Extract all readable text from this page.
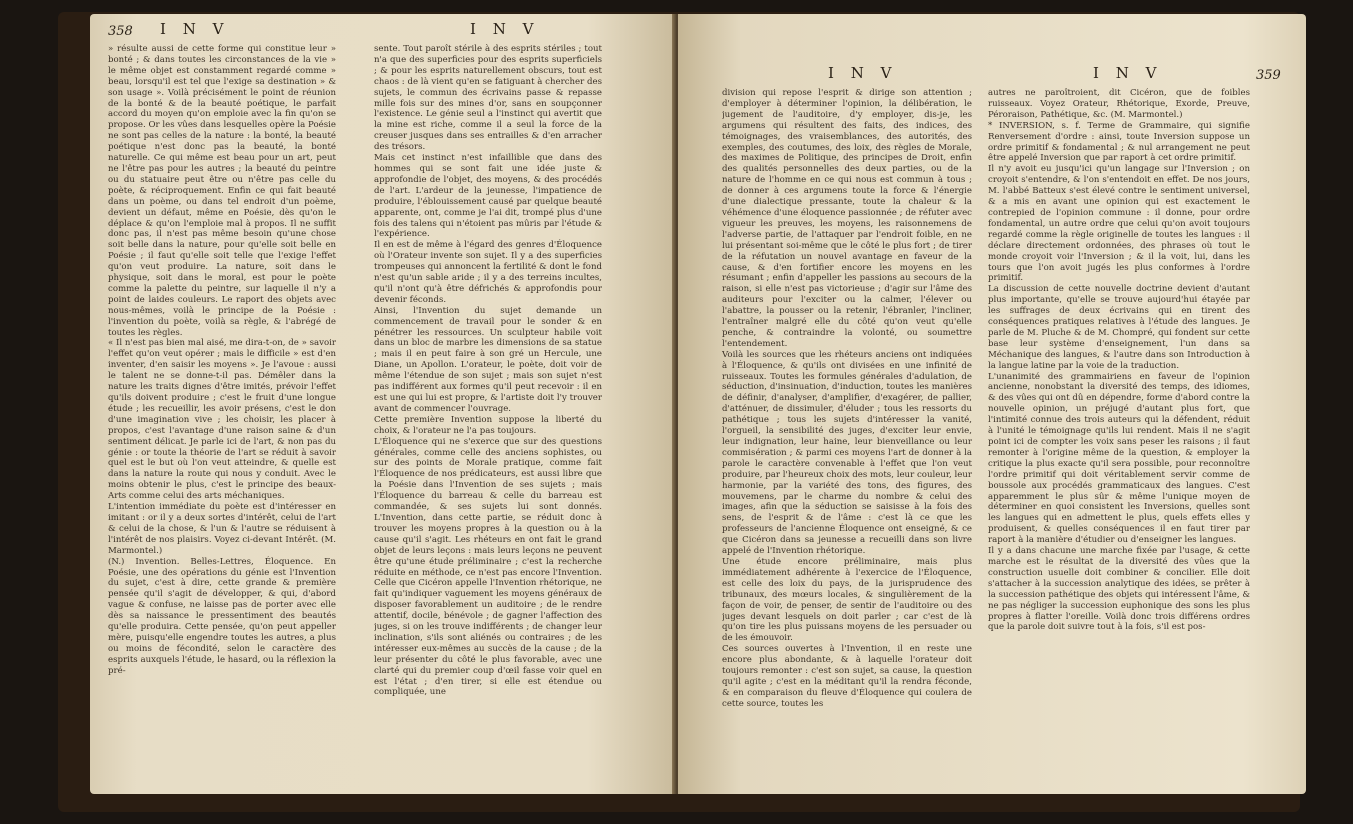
358 I N V	I N V
» résulte aussi de cette forme qui constitue leur » bonté ; & dans toutes les circonstances de la vie » le même objet est constamment regardé comme » beau, lorsqu'il est tel que l'exige sa destination » & son usage ». Voilà précisément le point de réunion de la bonté & de la beauté poétique, le parfait accord du moyen qu'on emploie avec la fin qu'on se propose. Or les vûes dans lesquelles opère la Poésie ne sont pas celles de la nature : la bonté, la beauté poétique n'est donc pas la beauté, la bonté naturelle. Ce qui même est beau pour un art, peut ne l'être pas pour les autres ; la beauté du peintre ou du statuaire peut être ou n'être pas celle du poète, & réciproquement. Enfin ce qui fait beauté dans un poème, ou dans tel endroit d'un poème, devient un défaut, même en Poésie, dès qu'on le déplace & qu'on l'emploie mal à propos. Il ne suffit donc pas, il n'est pas même besoin qu'une chose soit belle dans la nature, pour qu'elle soit belle en Poésie ; il faut qu'elle soit telle que l'exige l'effet qu'on veut produire. La nature, soit dans le physique, soit dans le moral, est pour le poète comme la palette du peintre, sur laquelle il n'y a point de laides couleurs. Le raport des objets avec nous-mêmes, voilà le principe de la Poésie : l'invention du poète, voilà sa règle, & l'abrégé de toutes les règles.
« Il n'est pas bien mal aisé, me dira-t-on, de » savoir l'effet qu'on veut opérer ; mais le difficile » est d'en inventer, d'en saisir les moyens ». Je l'avoue : aussi le talent ne se donne-t-il pas. Démêler dans la nature les traits dignes d'être imités, prévoir l'effet qu'ils doivent produire ; c'est le fruit d'une longue étude ; les recueillir, les avoir présens, c'est le don d'une imagination vive ; les choisir, les placer à propos, c'est l'avantage d'une raison saine & d'un sentiment délicat. Je parle ici de l'art, & non pas du génie : or toute la théorie de l'art se réduit à savoir quel est le but où l'on veut atteindre, & quelle est dans la nature la route qui nous y conduit. Avec le moins obtenir le plus, c'est le principe des beaux-Arts comme celui des arts méchaniques.
L'intention immédiate du poète est d'intéresser en imitant : or il y a deux sortes d'intérêt, celui de l'art & celui de la chose, & l'un & l'autre se réduisent à l'intérêt de nos plaisirs. Voyez ci-devant Intérêt. (M. Marmontel.)
(N.) Invention. Belles-Lettres, Éloquence. En Poésie, une des opérations du génie est l'Invention du sujet, c'est à dire, cette grande & première pensée qu'il s'agit de développer, & qui, d'abord vague & confuse, ne laisse pas de porter avec elle dès sa naissance le pressentiment des beautés qu'elle produira. Cette pensée, qu'on peut appeller mère, puisqu'elle engendre toutes les autres, a plus ou moins de fécondité, selon le caractère des esprits auxquels l'étude, le hasard, ou la réflexion la pré-
sente. Tout paroît stérile à des esprits stériles ; tout n'a que des superficies pour des esprits superficiels ; & pour les esprits naturellement obscurs, tout est chaos : de là vient qu'en se fatiguant à chercher des sujets, le commun des écrivains passe & repasse mille fois sur des mines d'or, sans en soupçonner l'existence. Le génie seul a l'instinct qui avertit que la mine est riche, comme il a seul la force de la creuser jusques dans ses entrailles & d'en arracher des trésors.
Mais cet instinct n'est infaillible que dans des hommes qui se sont fait une idée juste & approfondie de l'objet, des moyens, & des procédés de l'art. L'ardeur de la jeunesse, l'impatience de produire, l'éblouissement causé par quelque beauté apparente, ont, comme je l'ai dit, trompé plus d'une fois des talens qui n'étoient pas mûris par l'étude & l'expérience.
Il en est de même à l'égard des genres d'Éloquence où l'Orateur invente son sujet. Il y a des superficies trompeuses qui annoncent la fertilité & dont le fond n'est qu'un sable aride ; il y a des terreins incultes, qu'il n'ont qu'à être défrichés & approfondis pour devenir féconds.
Ainsi, l'Invention du sujet demande un commencement de travail pour le sonder & en pénétrer les ressources. Un sculpteur habile voit dans un bloc de marbre les dimensions de sa statue ; mais il en peut faire à son gré un Hercule, une Diane, un Apollon. L'orateur, le poète, doit voir de même l'étendue de son sujet ; mais son sujet n'est pas indifférent aux formes qu'il peut recevoir : il en est une qui lui est propre, & l'artiste doit l'y trouver avant de commencer l'ouvrage.
Cette première Invention suppose la liberté du choix, & l'orateur ne l'a pas toujours.
L'Éloquence qui ne s'exerce que sur des questions générales, comme celle des anciens sophistes, ou sur des points de Morale pratique, comme fait l'Éloquence de nos prédicateurs, est aussi libre que la Poésie dans l'Invention de ses sujets ; mais l'Éloquence du barreau & celle du barreau est commandée, & ses sujets lui sont donnés. L'Invention, dans cette partie, se réduit donc à trouver les moyens propres à la question ou à la cause qu'il s'agit. Les rhéteurs en ont fait le grand objet de leurs leçons : mais leurs leçons ne peuvent être qu'une étude préliminaire ; c'est la recherche réduite en méthode, ce n'est pas encore l'Invention. Celle que Cicéron appelle l'Invention rhétorique, ne fait qu'indiquer vaguement les moyens généraux de disposer favorablement un auditoire ; de le rendre attentif, docile, bénévole ; de gagner l'affection des juges, si on les trouve indifférents ; de changer leur inclination, s'ils sont aliénés ou contraires ; de les intéresser eux-mêmes au succès de la cause ; de la leur présenter du côté le plus favorable, avec une clarté qui du premier coup d'œil fasse voir quel en est l'état ; d'en tirer, si elle est étendue ou compliquée, une
I N V	I N V	359
division qui repose l'esprit & dirige son attention ; d'employer à déterminer l'opinion, la délibération, le jugement de l'auditoire, d'y employer, dis-je, les argumens qui résultent des faits, des indices, des témoignages, des vraisemblances, des autorités, des exemples, des coutumes, des loix, des règles de Morale, des maximes de Politique, des principes de Droit, enfin des qualités personnelles des deux parties, ou de la nature de l'homme en ce qui nous est commun à tous ; de donner à ces argumens toute la force & l'énergie d'une dialectique pressante, toute la chaleur & la véhémence d'une éloquence passionnée ; de réfuter avec vigueur les preuves, les moyens, les raisonnemens de l'adverse partie, de l'attaquer par l'endroit foible, en ne lui présentant soi-même que le côté le plus fort ; de tirer de la réfutation un nouvel avantage en faveur de la cause, & d'en fortifier encore les moyens en les résumant ; enfin d'appeller les passions au secours de la raison, si elle n'est pas victorieuse ; d'agir sur l'âme des auditeurs pour l'exciter ou la calmer, l'élever ou l'abattre, la pousser ou la retenir, l'ébranler, l'incliner, l'entraîner malgré elle du côté qu'on veut qu'elle penche, & contraindre la volonté, ou soumettre l'entendement.
Voilà les sources que les rhéteurs anciens ont indiquées à l'Éloquence, & qu'ils ont divisées en une infinité de ruisseaux. Toutes les formules générales d'adulation, de séduction, d'insinuation, d'induction, toutes les manières de définir, d'analyser, d'amplifier, d'exagérer, de pallier, d'atténuer, de dissimuler, d'éluder ; tous les ressorts du pathétique ; tous les sujets d'intéresser la vanité, l'orgueil, la sensibilité des juges, d'exciter leur envie, leur indignation, leur haine, leur bienveillance ou leur commisération ; & parmi ces moyens l'art de donner à la parole le caractère convenable à l'effet que l'on veut produire, par l'heureux choix des mots, leur couleur, leur harmonie, par la variété des tons, des figures, des mouvemens, par le charme du nombre & celui des images, afin que la séduction se saisisse à la fois des sens, de l'esprit & de l'âme : c'est là ce que les professeurs de l'ancienne Éloquence ont enseigné, & ce que Cicéron dans sa jeunesse a recueilli dans son livre appelé de l'Invention rhétorique.
Une étude encore préliminaire, mais plus immédiatement adhérente à l'exercice de l'Éloquence, est celle des loix du pays, de la jurisprudence des tribunaux, des mœurs locales, & singulièrement de la façon de voir, de penser, de sentir de l'auditoire ou des juges devant lesquels on doit parler ; car c'est de là qu'on tire les plus puissans moyens de les persuader ou de les émouvoir.
Ces sources ouvertes à l'Invention, il en reste une encore plus abondante, & à laquelle l'orateur doit toujours remonter : c'est son sujet, sa cause, la question qu'il agite ; c'est en la méditant qu'il la rendra féconde, & en comparaison du fleuve d'Éloquence qui coulera de cette source, toutes les
autres ne paroîtroient, dit Cicéron, que de foibles ruisseaux. Voyez Orateur, Rhétorique, Exorde, Preuve, Péroraison, Pathétique, &c. (M. Marmontel.)
* INVERSION, s. f. Terme de Grammaire, qui signifie Renversement d'ordre : ainsi, toute Inversion suppose un ordre primitif & fondamental ; & nul arrangement ne peut être appelé Inversion que par raport à cet ordre primitif.
Il n'y avoit eu jusqu'ici qu'un langage sur l'Inversion ; on croyoit s'entendre, & l'on s'entendoit en effet. De nos jours, M. l'abbé Batteux s'est élevé contre le sentiment universel, & a mis en avant une opinion qui est exactement le contrepied de l'opinion commune : il donne, pour ordre fondamental, un autre ordre que celui qu'on avoit toujours regardé comme la règle originelle de toutes les langues : il déclare directement ordonnées, des phrases où tout le monde croyoit voir l'Inversion ; & il la voit, lui, dans les tours que l'on avoit jugés les plus conformes à l'ordre primitif.
La discussion de cette nouvelle doctrine devient d'autant plus importante, qu'elle se trouve aujourd'hui étayée par les suffrages de deux écrivains qui en tirent des conséquences pratiques relatives à l'étude des langues. Je parle de M. Pluche & de M. Chompré, qui fondent sur cette base leur système d'enseignement, l'un dans sa Méchanique des langues, & l'autre dans son Introduction à la langue latine par la voie de la traduction.
L'unanimité des grammairiens en faveur de l'opinion ancienne, nonobstant la diversité des temps, des idiomes, & des vûes qui ont dû en dépendre, forme d'abord contre la nouvelle opinion, un préjugé d'autant plus fort, que l'intimité connue des trois auteurs qui la défendent, réduit à l'unité le témoignage qu'ils lui rendent. Mais il ne s'agit point ici de compter les voix sans peser les raisons ; il faut remonter à l'origine même de la question, & employer la critique la plus exacte qu'il sera possible, pour reconnoître l'ordre primitif qui doit véritablement servir comme de boussole aux procédés grammaticaux des langues. C'est apparemment le plus sûr & même l'unique moyen de déterminer en quoi consistent les Inversions, quelles sont les langues qui en admettent le plus, quels effets elles y produisent, & quelles conséquences il en faut tirer par raport à la manière d'étudier ou d'enseigner les langues.
Il y a dans chacune une marche fixée par l'usage, & cette marche est le résultat de la diversité des vûes que la construction usuelle doit combiner & concilier. Elle doit s'attacher à la succession analytique des idées, se prêter à la succession pathétique des objets qui intéressent l'âme, & ne pas négliger la succession euphonique des sons les plus propres à flatter l'oreille. Voilà donc trois différens ordres que la parole doit suivre tout à la fois, s'il est pos-
